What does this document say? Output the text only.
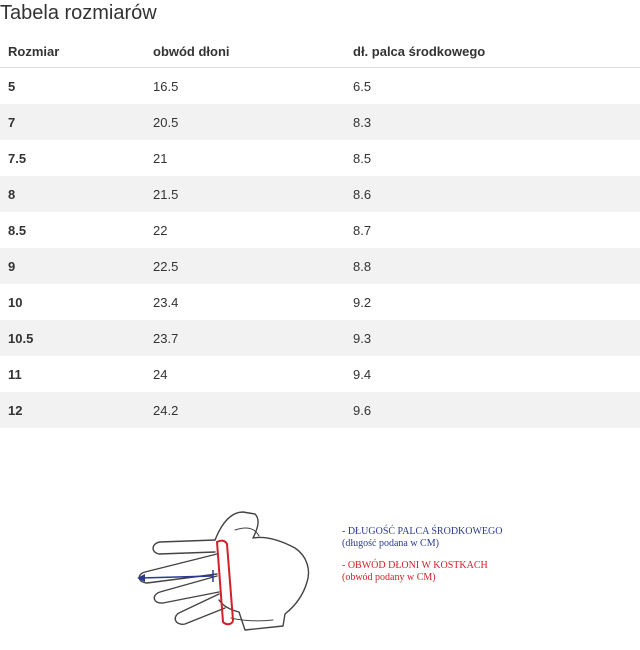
Tabela rozmiarów
Rozmiar	obwód dłoni	dł. palca środkowego
5	16.5	6.5
7	20.5	8.3
7.5	21	8.5
8	21.5	8.6
8.5	22	8.7
9	22.5	8.8
10	23.4	9.2
10.5	23.7	9.3
11	24	9.4
12	24.2	9.6
- DŁUGOŚĆ PALCA ŚRODKOWEGO
(długość podana w CM)
- OBWÓD DŁONI W KOSTKACH
(obwód podany w CM)
